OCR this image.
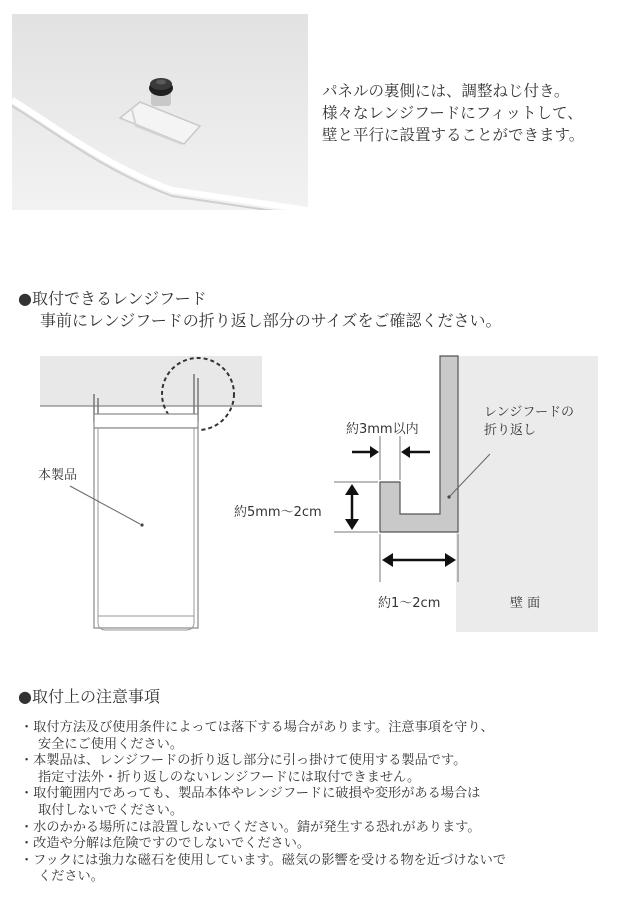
パネルの裏側には、調整ねじ付き。
様々なレンジフードにフィットして、
壁と平行に設置することができます。
●取付できるレンジフード
事前にレンジフードの折り返し部分のサイズをご確認ください。
本製品
レンジフードの
折り返し
約3mm以内
約5mm〜2cm
約1〜2cm	壁 面
●取付上の注意事項
・取付方法及び使用条件によっては落下する場合があります。注意事項を守り、
安全にご使用ください。
・本製品は、レンジフードの折り返し部分に引っ掛けて使用する製品です。
指定寸法外・折り返しのないレンジフードには取付できません。
・取付範囲内であっても、製品本体やレンジフードに破損や変形がある場合は
取付しないでください。
・水のかかる場所には設置しないでください。錆が発生する恐れがあります。
・改造や分解は危険ですのでしないでください。
・フックには強力な磁石を使用しています。磁気の影響を受ける物を近づけないで
ください。
